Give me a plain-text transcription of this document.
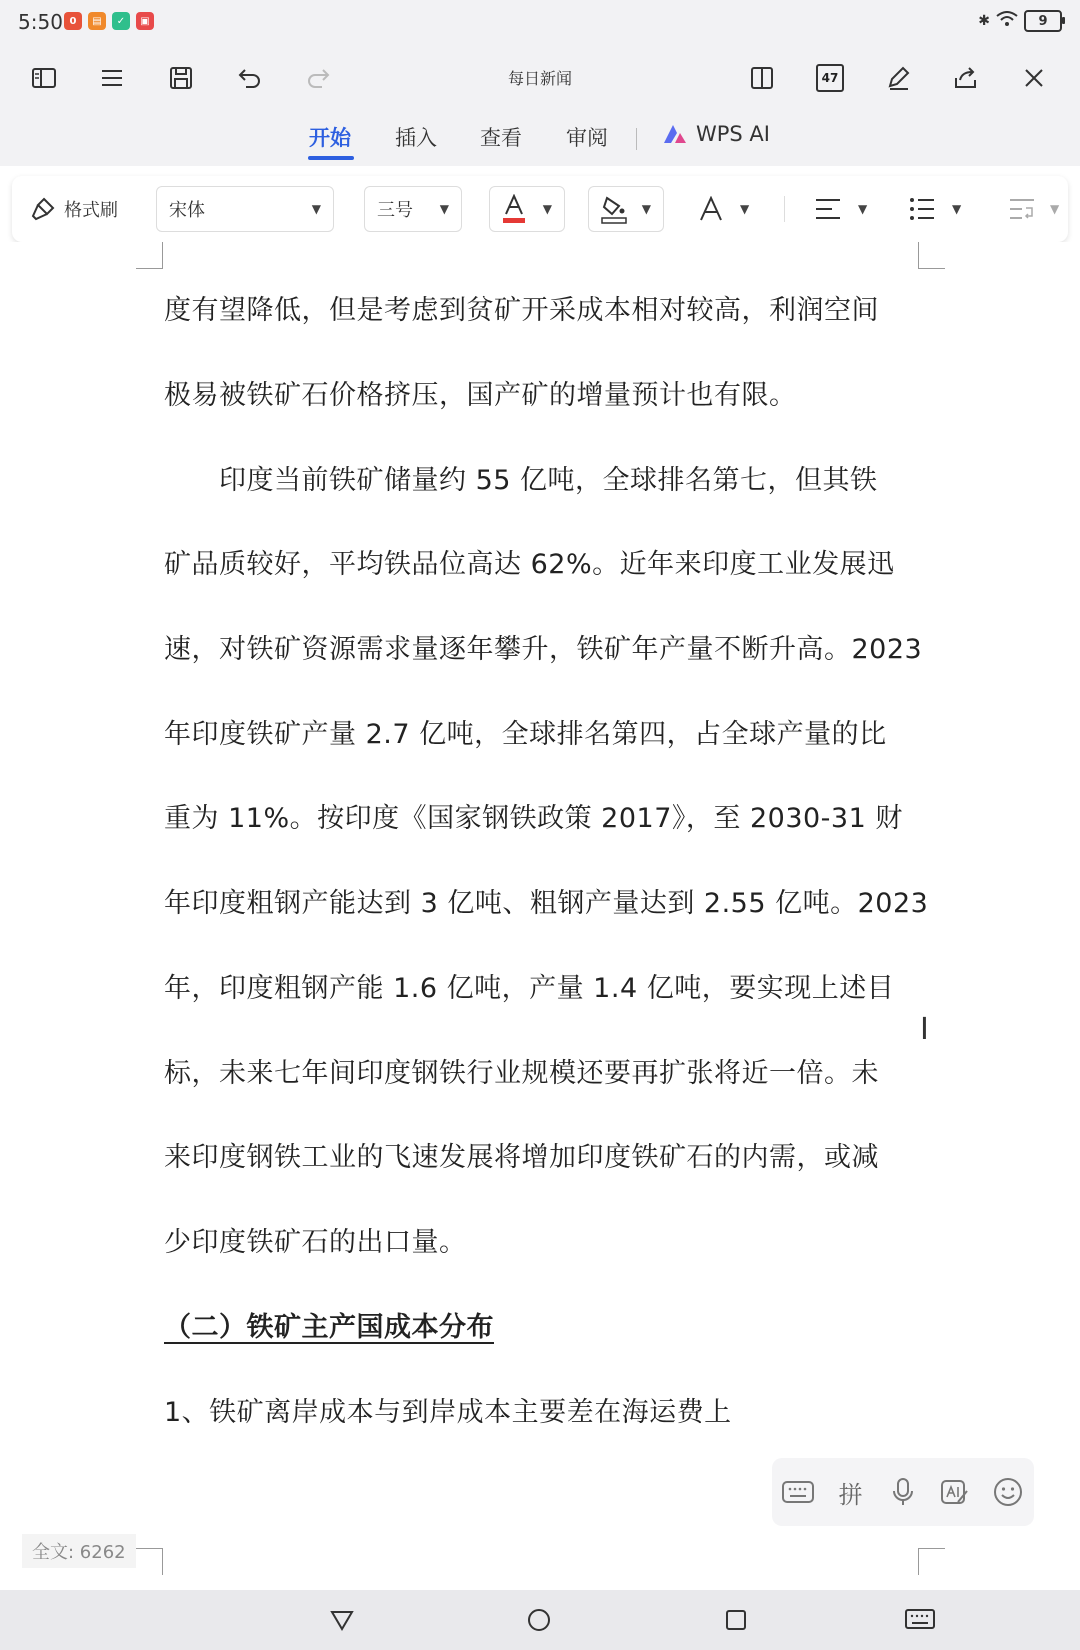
5:50 0	▤	✓	▣	✱	9
每日新闻	47
开始 插入 查看 审阅	WPS AI
格式刷	宋体	▼	三号 ▼	▼	▼	▼	▼	▼	▼
度有望降低，但是考虑到贫矿开采成本相对较高，利润空间
极易被铁矿石价格挤压，国产矿的增量预计也有限。
　　印度当前铁矿储量约 55 亿吨，全球排名第七，但其铁
矿品质较好，平均铁品位高达 62%。近年来印度工业发展迅
速，对铁矿资源需求量逐年攀升，铁矿年产量不断升高。2023
年印度铁矿产量 2.7 亿吨，全球排名第四，占全球产量的比
重为 11%。按印度《国家钢铁政策 2017》，至 2030-31 财
年印度粗钢产能达到 3 亿吨、粗钢产量达到 2.55 亿吨。2023
年，印度粗钢产能 1.6 亿吨，产量 1.4 亿吨，要实现上述目
标，未来七年间印度钢铁行业规模还要再扩张将近一倍。未
来印度钢铁工业的飞速发展将增加印度铁矿石的内需，或减
少印度铁矿石的出口量。
（二）铁矿主产国成本分布
1、铁矿离岸成本与到岸成本主要差在海运费上
Ⅰ
拼
全文: 6262
